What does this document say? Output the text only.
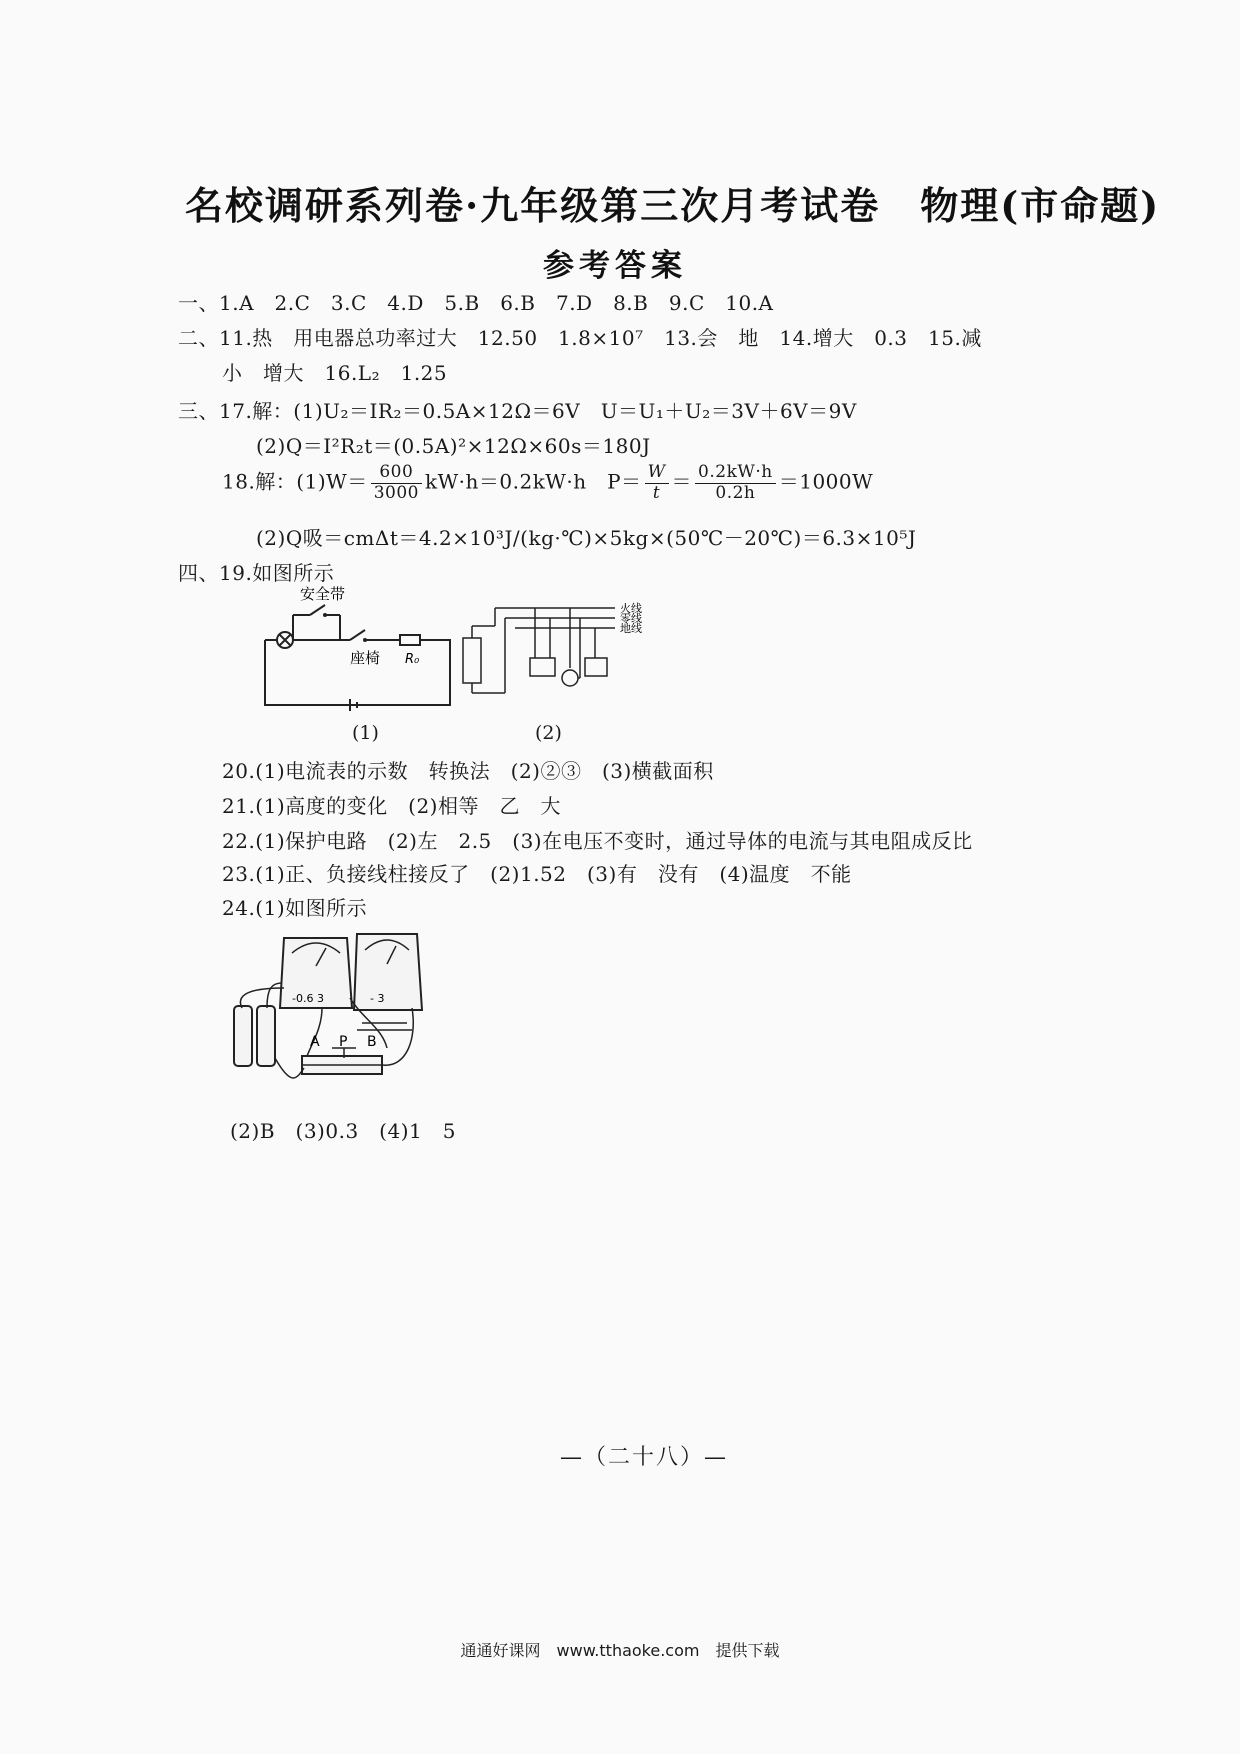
名校调研系列卷·九年级第三次月考试卷　物理(市命题)
参考答案
一、1.A　2.C　3.C　4.D　5.B　6.B　7.D　8.B　9.C　10.A
二、11.热　用电器总功率过大　12.50　1.8×10⁷　13.会　地　14.增大　0.3　15.减
小　增大　16.L₂　1.25
三、17.解：(1)U₂＝IR₂＝0.5A×12Ω＝6V　U＝U₁＋U₂＝3V＋6V＝9V
(2)Q＝I²R₂t＝(0.5A)²×12Ω×60s＝180J
18.解：$(1)W= \frac{600}{3000} kW\cdot h=0.2kW\cdot h$　$P= \frac{W}{t} = \frac{0.2kW\cdot h}{0.2h} =1000W$
(2)Q吸＝cmΔt＝4.2×10³J/(kg·℃)×5kg×(50℃－20℃)＝6.3×10⁵J
四、19.如图所示
安全带
座椅 R₀
火线
零线
地线
(1)	(2)
20.(1)电流表的示数　转换法　(2)②③　(3)横截面积
21.(1)高度的变化　(2)相等　乙　大
22.(1)保护电路　(2)左　2.5　(3)在电压不变时，通过导体的电流与其电阻成反比
23.(1)正、负接线柱接反了　(2)1.52　(3)有　没有　(4)温度　不能
24.(1)如图所示
-0.6 3	- 3
A P B
(2)B　(3)0.3　(4)1　5
—（二十八）—
通通好课网　www.tthaoke.com　提供下载
